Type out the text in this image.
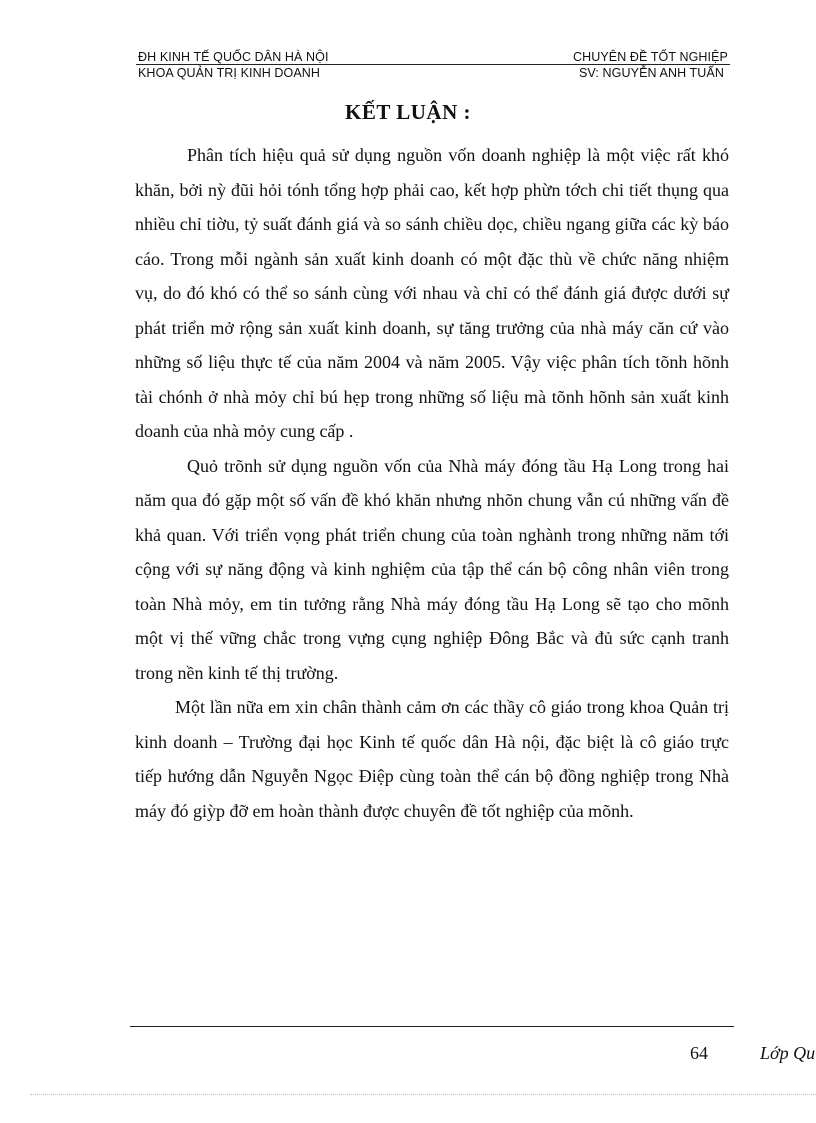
ĐH KINH TẾ QUỐC DÂN HÀ NỘI	CHUYÊN ĐỀ TỐT NGHIỆP
KHOA QUẢN TRỊ KINH DOANH	SV: NGUYỄN ANH TUẤN
KẾT LUẬN :

Phân tích hiệu quả sử dụng nguồn vốn doanh nghiệp là một việc rất khó khăn, bởi nỳ đũi hỏi tónh tổng hợp phải cao, kết hợp phừn tớch chi tiết thụng qua nhiều chỉ tiờu, tỷ suất đánh giá và so sánh chiều dọc, chiều ngang giữa các kỳ báo cáo. Trong mỗi ngành sản xuất kinh doanh có một đặc thù về chức năng nhiệm vụ, do đó khó có thể so sánh cùng với nhau và chỉ có thể đánh giá được dưới sự phát triển mở rộng sản xuất kinh doanh, sự tăng trưởng của nhà máy căn cứ vào những số liệu thực tế của năm 2004 và năm 2005. Vậy việc phân tích tõnh hõnh tài chónh ở nhà mỏy chỉ bú hẹp trong những số liệu mà tõnh hõnh sản xuất kinh doanh của nhà mỏy cung cấp .

Quỏ trõnh sử dụng nguồn vốn của Nhà máy đóng tầu Hạ Long trong hai năm qua đó gặp một số vấn đề khó khăn nhưng nhõn chung vẫn cú những vấn đề khả quan. Với triển vọng phát triển chung của toàn nghành trong những năm tới cộng với sự năng động và kinh nghiệm của tập thể cán bộ công nhân viên trong toàn Nhà mỏy, em tin tưởng rằng Nhà máy đóng tầu Hạ Long sẽ tạo cho mõnh một vị thế vững chắc trong vựng cụng nghiệp Đông Bắc và đủ sức cạnh tranh trong nền kinh tế thị trường.

Một lần nữa em xin chân thành cảm ơn các thầy cô giáo trong khoa Quản trị kinh doanh – Trường đại học Kinh tế quốc dân Hà nội, đặc biệt là cô giáo trực tiếp hướng dẫn Nguyễn Ngọc Điệp cùng toàn thể cán bộ đồng nghiệp trong Nhà máy đó giỳp đỡ em hoàn thành được chuyên đề tốt nghiệp của mõnh.

64	Lớp Qu
